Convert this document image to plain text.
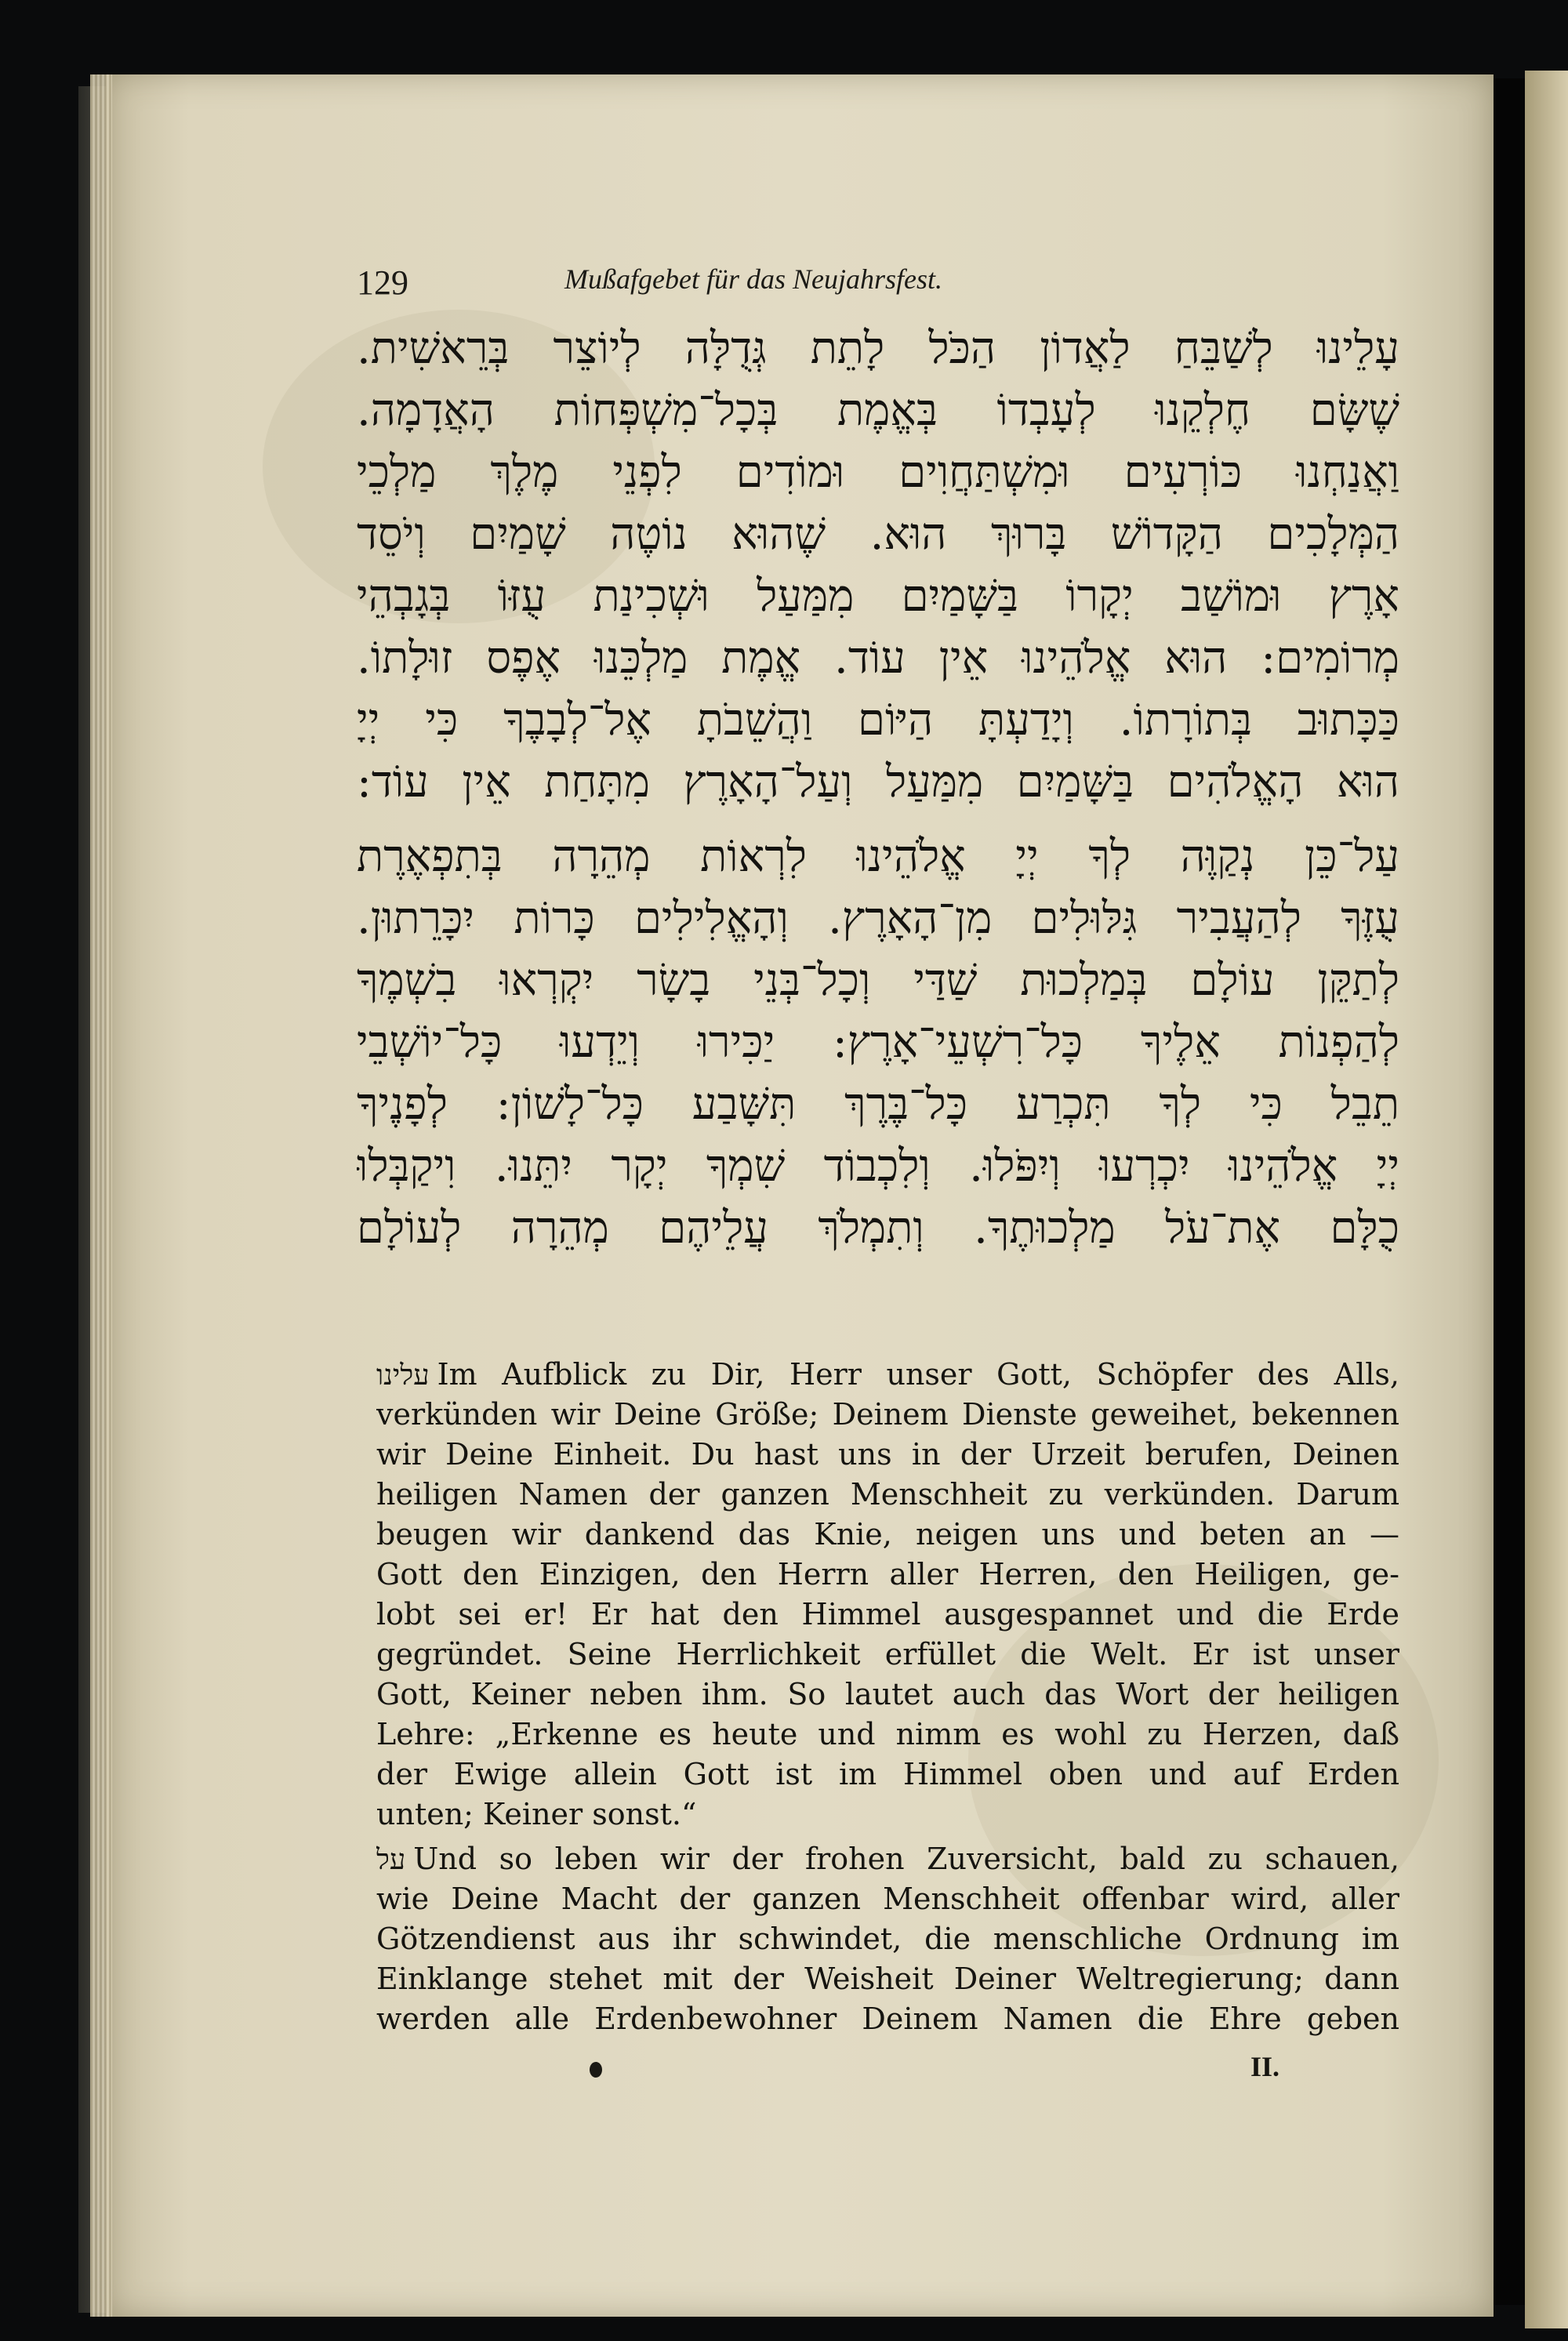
129	Mußafgebet für das Neujahrsfest.
עָלֵינוּ לְשַׁבֵּחַ לַאֲדוֹן הַכֹּל לָתֵת גְּדֻלָּה לְיוֹצֵר בְּרֵאשִׁית.
שֶׁשָּׂם חֶלְקֵנוּ לְעָבְדוֹ בְּאֱמֶת בְּכָל־מִשְׁפְּחוֹת הָאֲדָמָה.
וַאֲנַחְנוּ כּוֹרְעִים וּמִשְׁתַּחֲוִים וּמוֹדִים לִפְנֵי מֶלֶךְ מַלְכֵי
הַמְּלָכִים הַקָּדוֹשׁ בָּרוּךְ הוּא. שֶׁהוּא נוֹטֶה שָׁמַיִם וְיֹסֵד
אָרֶץ וּמוֹשַׁב יְקָרוֹ בַּשָּׁמַיִם מִמַּעַל וּשְׁכִינַת עֻזּוֹ בְּגָבְהֵי
מְרוֹמִים: הוּא אֱלֹהֵינוּ אֵין עוֹד. אֱמֶת מַלְכֵּנוּ אֶפֶס זוּלָתוֹ.
כַּכָּתוּב בְּתוֹרָתוֹ. וְיָדַעְתָּ הַיּוֹם וַהֲשֵׁבֹתָ אֶל־לְבָבֶךָ כִּי יְיָ
הוּא הָאֱלֹהִים בַּשָּׁמַיִם מִמַּעַל וְעַל־הָאָרֶץ מִתָּחַת אֵין עוֹד:
עַל־כֵּן נְקַוֶּה לְךָ יְיָ אֱלֹהֵינוּ לִרְאוֹת מְהֵרָה בְּתִפְאֶרֶת
עֻזֶּךָ לְהַעֲבִיר גִּלּוּלִים מִן־הָאָרֶץ. וְהָאֱלִילִים כָּרוֹת יִכָּרֵתוּן.
לְתַקֵּן עוֹלָם בְּמַלְכוּת שַׁדַּי וְכָל־בְּנֵי בָשָׂר יִקְרְאוּ בִשְׁמֶךָ
לְהַפְנוֹת אֵלֶיךָ כָּל־רִשְׁעֵי־אָרֶץ: יַכִּירוּ וְיֵדְעוּ כָּל־יוֹשְׁבֵי
תֵבֵל כִּי לְךָ תִּכְרַע כָּל־בֶּרֶךְ תִּשָּׁבַע כָּל־לָשׁוֹן: לְפָנֶיךָ
יְיָ אֱלֹהֵינוּ יִכְרְעוּ וְיִפֹּלוּ. וְלִכְבוֹד שִׁמְךָ יְקָר יִתֵּנוּ. וִיקַבְּלוּ
כֻלָּם אֶת־עֹל מַלְכוּתֶךָ. וְתִמְלֹךְ עֲלֵיהֶם מְהֵרָה לְעוֹלָם
עלינו Im Aufblick zu Dir, Herr unser Gott, Schöpfer des Alls,
verkünden wir Deine Größe; Deinem Dienste geweihet, bekennen
wir Deine Einheit. Du hast uns in der Urzeit berufen, Deinen
heiligen Namen der ganzen Menschheit zu verkünden. Darum
beugen wir dankend das Knie, neigen uns und beten an —
Gott den Einzigen, den Herrn aller Herren, den Heiligen, ge-
lobt sei er! Er hat den Himmel ausgespannet und die Erde
gegründet. Seine Herrlichkeit erfüllet die Welt. Er ist unser
Gott, Keiner neben ihm. So lautet auch das Wort der heiligen
Lehre: „Erkenne es heute und nimm es wohl zu Herzen, daß
der Ewige allein Gott ist im Himmel oben und auf Erden
unten; Keiner sonst.“
על Und so leben wir der frohen Zuversicht, bald zu schauen,
wie Deine Macht der ganzen Menschheit offenbar wird, aller
Götzendienst aus ihr schwindet, die menschliche Ordnung im
Einklange stehet mit der Weisheit Deiner Weltregierung; dann
werden alle Erdenbewohner Deinem Namen die Ehre geben
II.
